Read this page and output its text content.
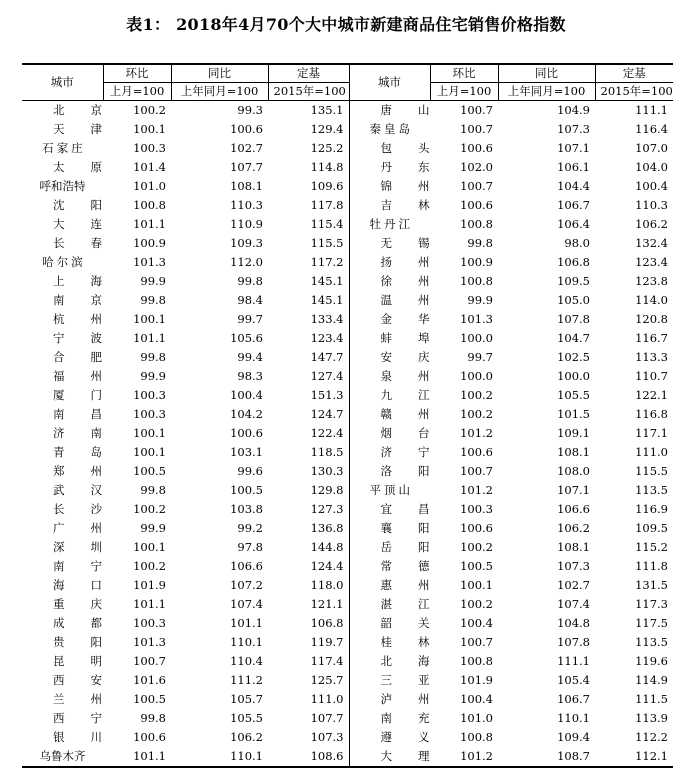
表1： 2018年4月70个大中城市新建商品住宅销售价格指数
城市	环比	同比	定基	城市	环比	同比	定基
	上月=100	上年同月=100	2015年=100		上月=100	上年同月=100	2015年=100
北京	100.2	99.3	135.1	唐山	100.7	104.9	111.1
天津	100.1	100.6	129.4	秦皇岛	100.7	107.3	116.4
石家庄	100.3	102.7	125.2	包头	100.6	107.1	107.0
太原	101.4	107.7	114.8	丹东	102.0	106.1	104.0
呼和浩特	101.0	108.1	109.6	锦州	100.7	104.4	100.4
沈阳	100.8	110.3	117.8	吉林	100.6	106.7	110.3
大连	101.1	110.9	115.4	牡丹江	100.8	106.4	106.2
长春	100.9	109.3	115.5	无锡	99.8	98.0	132.4
哈尔滨	101.3	112.0	117.2	扬州	100.9	106.8	123.4
上海	99.9	99.8	145.1	徐州	100.8	109.5	123.8
南京	99.8	98.4	145.1	温州	99.9	105.0	114.0
杭州	100.1	99.7	133.4	金华	101.3	107.8	120.8
宁波	101.1	105.6	123.4	蚌埠	100.0	104.7	116.7
合肥	99.8	99.4	147.7	安庆	99.7	102.5	113.3
福州	99.9	98.3	127.4	泉州	100.0	100.0	110.7
厦门	100.3	100.4	151.3	九江	100.2	105.5	122.1
南昌	100.3	104.2	124.7	赣州	100.2	101.5	116.8
济南	100.1	100.6	122.4	烟台	101.2	109.1	117.1
青岛	100.1	103.1	118.5	济宁	100.6	108.1	111.0
郑州	100.5	99.6	130.3	洛阳	100.7	108.0	115.5
武汉	99.8	100.5	129.8	平顶山	101.2	107.1	113.5
长沙	100.2	103.8	127.3	宜昌	100.3	106.6	116.9
广州	99.9	99.2	136.8	襄阳	100.6	106.2	109.5
深圳	100.1	97.8	144.8	岳阳	100.2	108.1	115.2
南宁	100.2	106.6	124.4	常德	100.5	107.3	111.8
海口	101.9	107.2	118.0	惠州	100.1	102.7	131.5
重庆	101.1	107.4	121.1	湛江	100.2	107.4	117.3
成都	100.3	101.1	106.8	韶关	100.4	104.8	117.5
贵阳	101.3	110.1	119.7	桂林	100.7	107.8	113.5
昆明	100.7	110.4	117.4	北海	100.8	111.1	119.6
西安	101.6	111.2	125.7	三亚	101.9	105.4	114.9
兰州	100.5	105.7	111.0	泸州	100.4	106.7	111.5
西宁	99.8	105.5	107.7	南充	101.0	110.1	113.9
银川	100.6	106.2	107.3	遵义	100.8	109.4	112.2
乌鲁木齐	101.1	110.1	108.6	大理	101.2	108.7	112.1
